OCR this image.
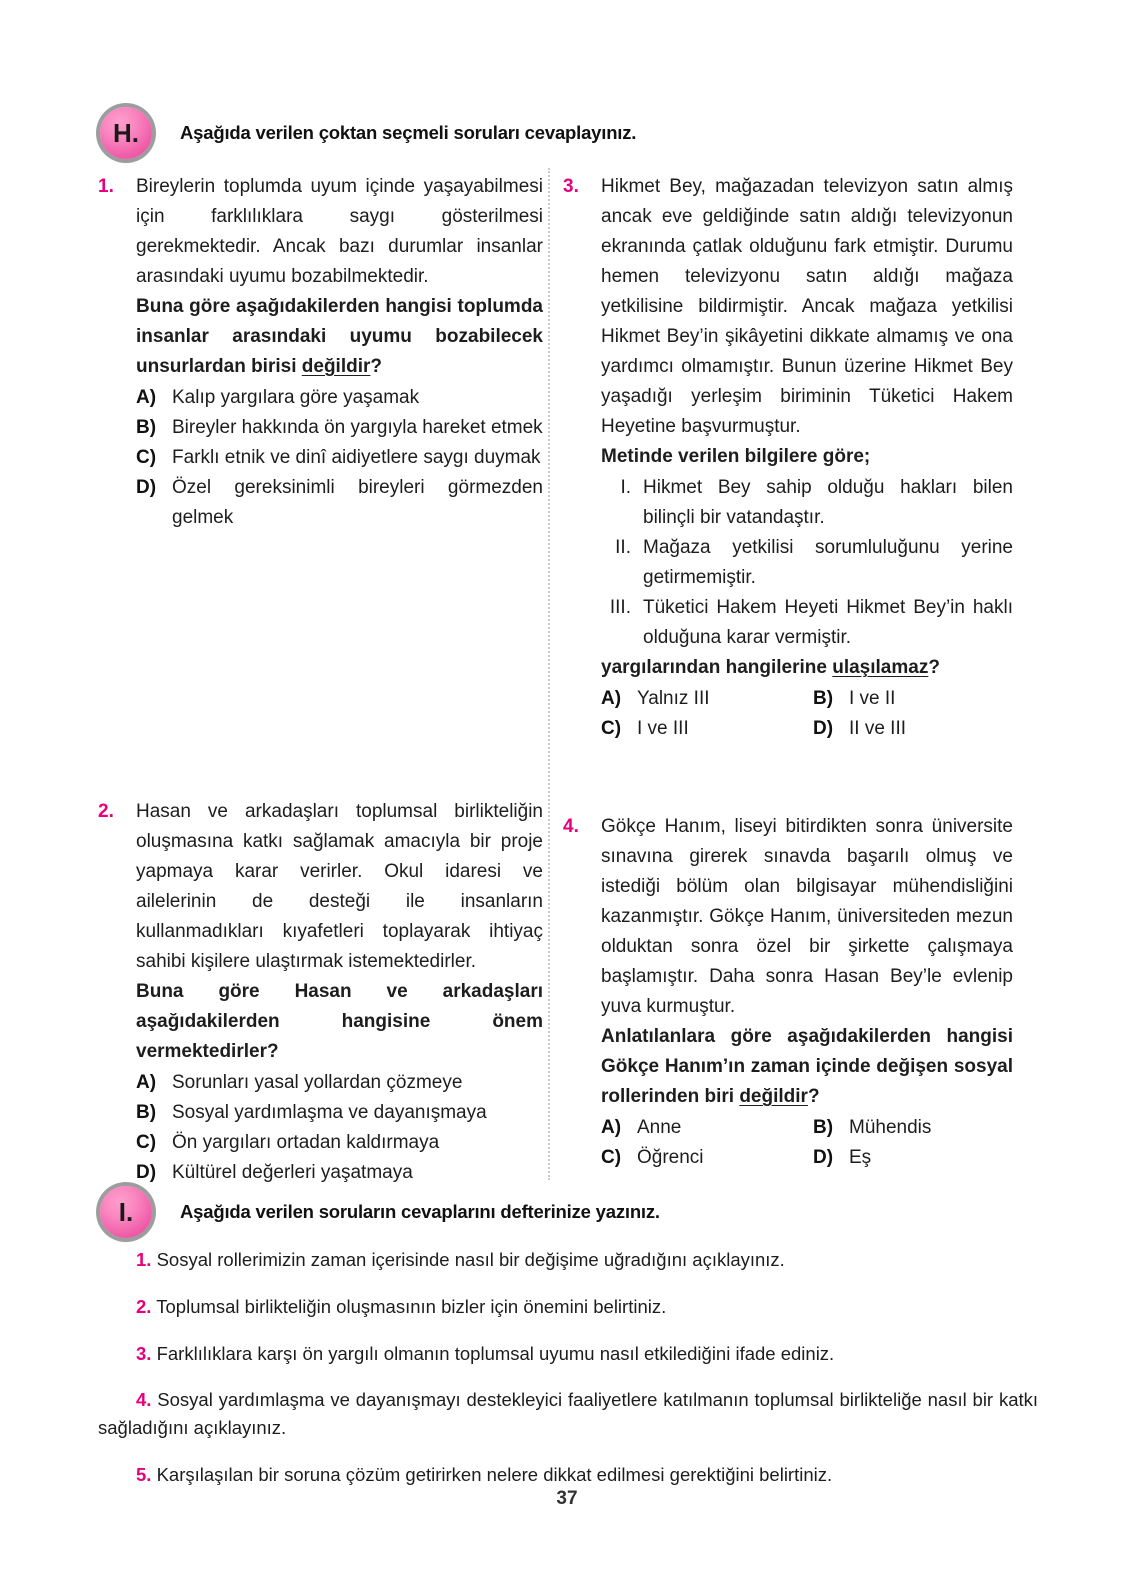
H. Aşağıda verilen çoktan seçmeli soruları cevaplayınız.
1.	Bireylerin toplumda uyum içinde yaşayabilmesi için farklılıklara saygı gösterilmesi gerekmektedir. Ancak bazı durumlar insanlar arasındaki uyumu bozabilmektedir.
Buna göre aşağıdakilerden hangisi toplumda insanlar arasındaki uyumu bozabilecek unsurlardan birisi değildir?
A) Kalıp yargılara göre yaşamak
B) Bireyler hakkında ön yargıyla hareket etmek
C) Farklı etnik ve dinî aidiyetlere saygı duymak
D) Özel gereksinimli bireyleri görmezden gelmek
2.	Hasan ve arkadaşları toplumsal birlikteliğin oluşmasına katkı sağlamak amacıyla bir proje yapmaya karar verirler. Okul idaresi ve ailelerinin de desteği ile insanların kullanmadıkları kıyafetleri toplayarak ihtiyaç sahibi kişilere ulaştırmak istemektedirler.
Buna göre Hasan ve arkadaşları aşağıdakilerden hangisine önem vermektedirler?
A) Sorunları yasal yollardan çözmeye
B) Sosyal yardımlaşma ve dayanışmaya
C) Ön yargıları ortadan kaldırmaya
D) Kültürel değerleri yaşatmaya
3.	Hikmet Bey, mağazadan televizyon satın almış ancak eve geldiğinde satın aldığı televizyonun ekranında çatlak olduğunu fark etmiştir. Durumu hemen televizyonu satın aldığı mağaza yetkilisine bildirmiştir. Ancak mağaza yetkilisi Hikmet Bey’in şikâyetini dikkate almamış ve ona yardımcı olmamıştır. Bunun üzerine Hikmet Bey yaşadığı yerleşim biriminin Tüketici Hakem Heyetine başvurmuştur.
Metinde verilen bilgilere göre;
I. Hikmet Bey sahip olduğu hakları bilen bilinçli bir vatandaştır.
II. Mağaza yetkilisi sorumluluğunu yerine getirmemiştir.
III. Tüketici Hakem Heyeti Hikmet Bey’in haklı olduğuna karar vermiştir.
yargılarından hangilerine ulaşılamaz?
A) Yalnız III	B) I ve II
C) I ve III	D) II ve III
4.	Gökçe Hanım, liseyi bitirdikten sonra üniversite sınavına girerek sınavda başarılı olmuş ve istediği bölüm olan bilgisayar mühendisliğini kazanmıştır. Gökçe Hanım, üniversiteden mezun olduktan sonra özel bir şirkette çalışmaya başlamıştır. Daha sonra Hasan Bey’le evlenip yuva kurmuştur.
Anlatılanlara göre aşağıdakilerden hangisi Gökçe Hanım’ın zaman içinde değişen sosyal rollerinden biri değildir?
A) Anne	B) Mühendis
C) Öğrenci	D) Eş
I.	Aşağıda verilen soruların cevaplarını defterinize yazınız.
1. Sosyal rollerimizin zaman içerisinde nasıl bir değişime uğradığını açıklayınız.
2. Toplumsal birlikteliğin oluşmasının bizler için önemini belirtiniz.
3. Farklılıklara karşı ön yargılı olmanın toplumsal uyumu nasıl etkilediğini ifade ediniz.
4. Sosyal yardımlaşma ve dayanışmayı destekleyici faaliyetlere katılmanın toplumsal birlikteliğe nasıl bir katkı sağladığını açıklayınız.
5. Karşılaşılan bir soruna çözüm getirirken nelere dikkat edilmesi gerektiğini belirtiniz.
37
